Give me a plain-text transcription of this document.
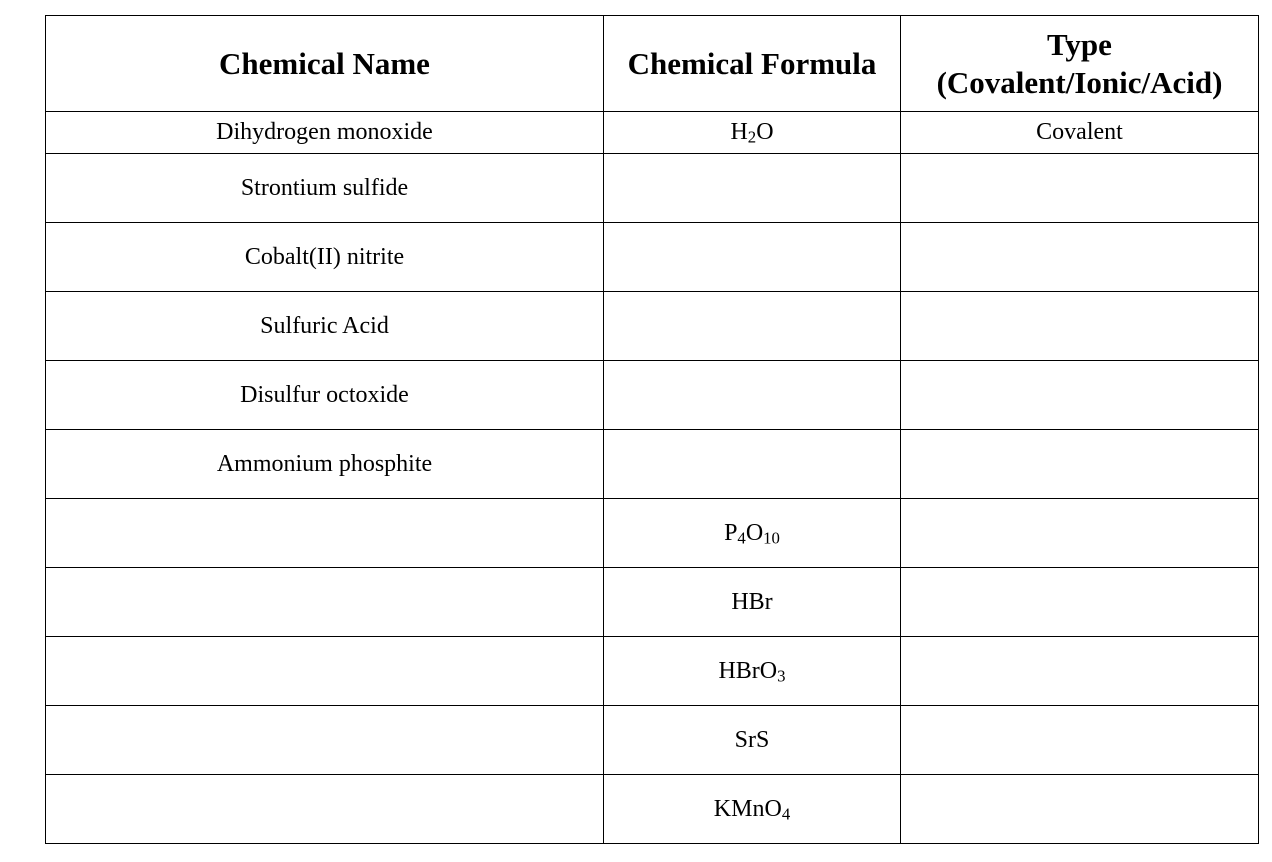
Chemical Name	Chemical Formula	Type
(Covalent/Ionic/Acid)

Dihydrogen monoxide	$H_2O$	Covalent
Strontium sulfide		
Cobalt(II) nitrite		
Sulfuric Acid		
Disulfur octoxide		
Ammonium phosphite		
	$P_4O_{10}$	
	HBr	
	HBrO$_3$	
	SrS	
	KMnO$_4$	
